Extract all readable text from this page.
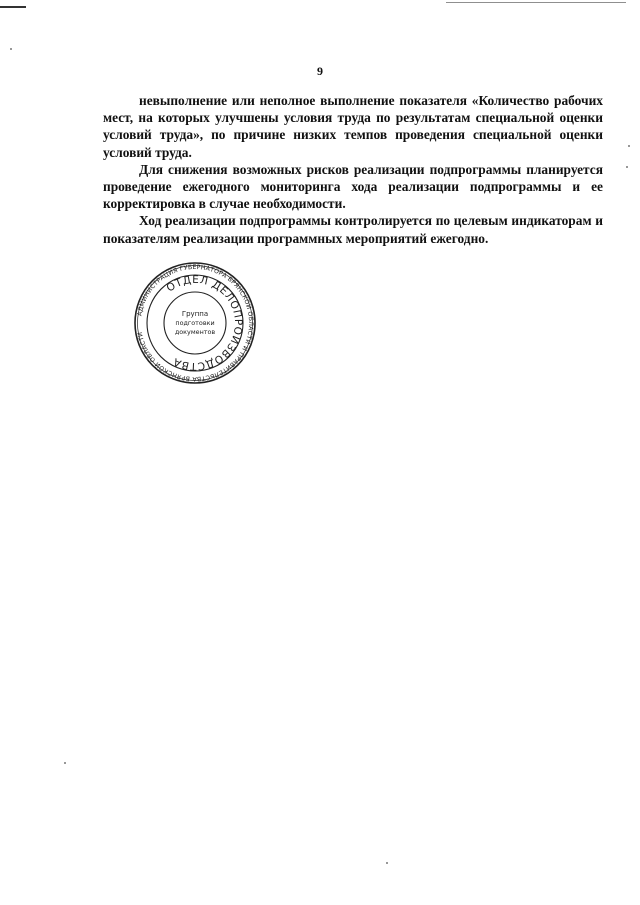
9

невыполнение или неполное выполнение показателя «Количество рабочих мест, на которых улучшены условия труда по результатам специальной оценки условий труда», по причине низких темпов проведения специальной оценки условий труда.

Для снижения возможных рисков реализации подпрограммы планируется проведение ежегодного мониторинга хода реализации подпрограммы и ее корректировка в случае необходимости.

Ход реализации подпрограммы контролируется по целевым индикаторам и показателям реализации программных мероприятий ежегодно.

АДМИНИСТРАЦИЯ ГУБЕРНАТОРА БРЯНСКОЙ ОБЛАСТИ И ПРАВИТЕЛЬСТВА БРЯНСКОЙ ОБЛАСТИ
ОТДЕЛ ДЕЛОПРОИЗВОДСТВА
Группа
подготовки
документов
